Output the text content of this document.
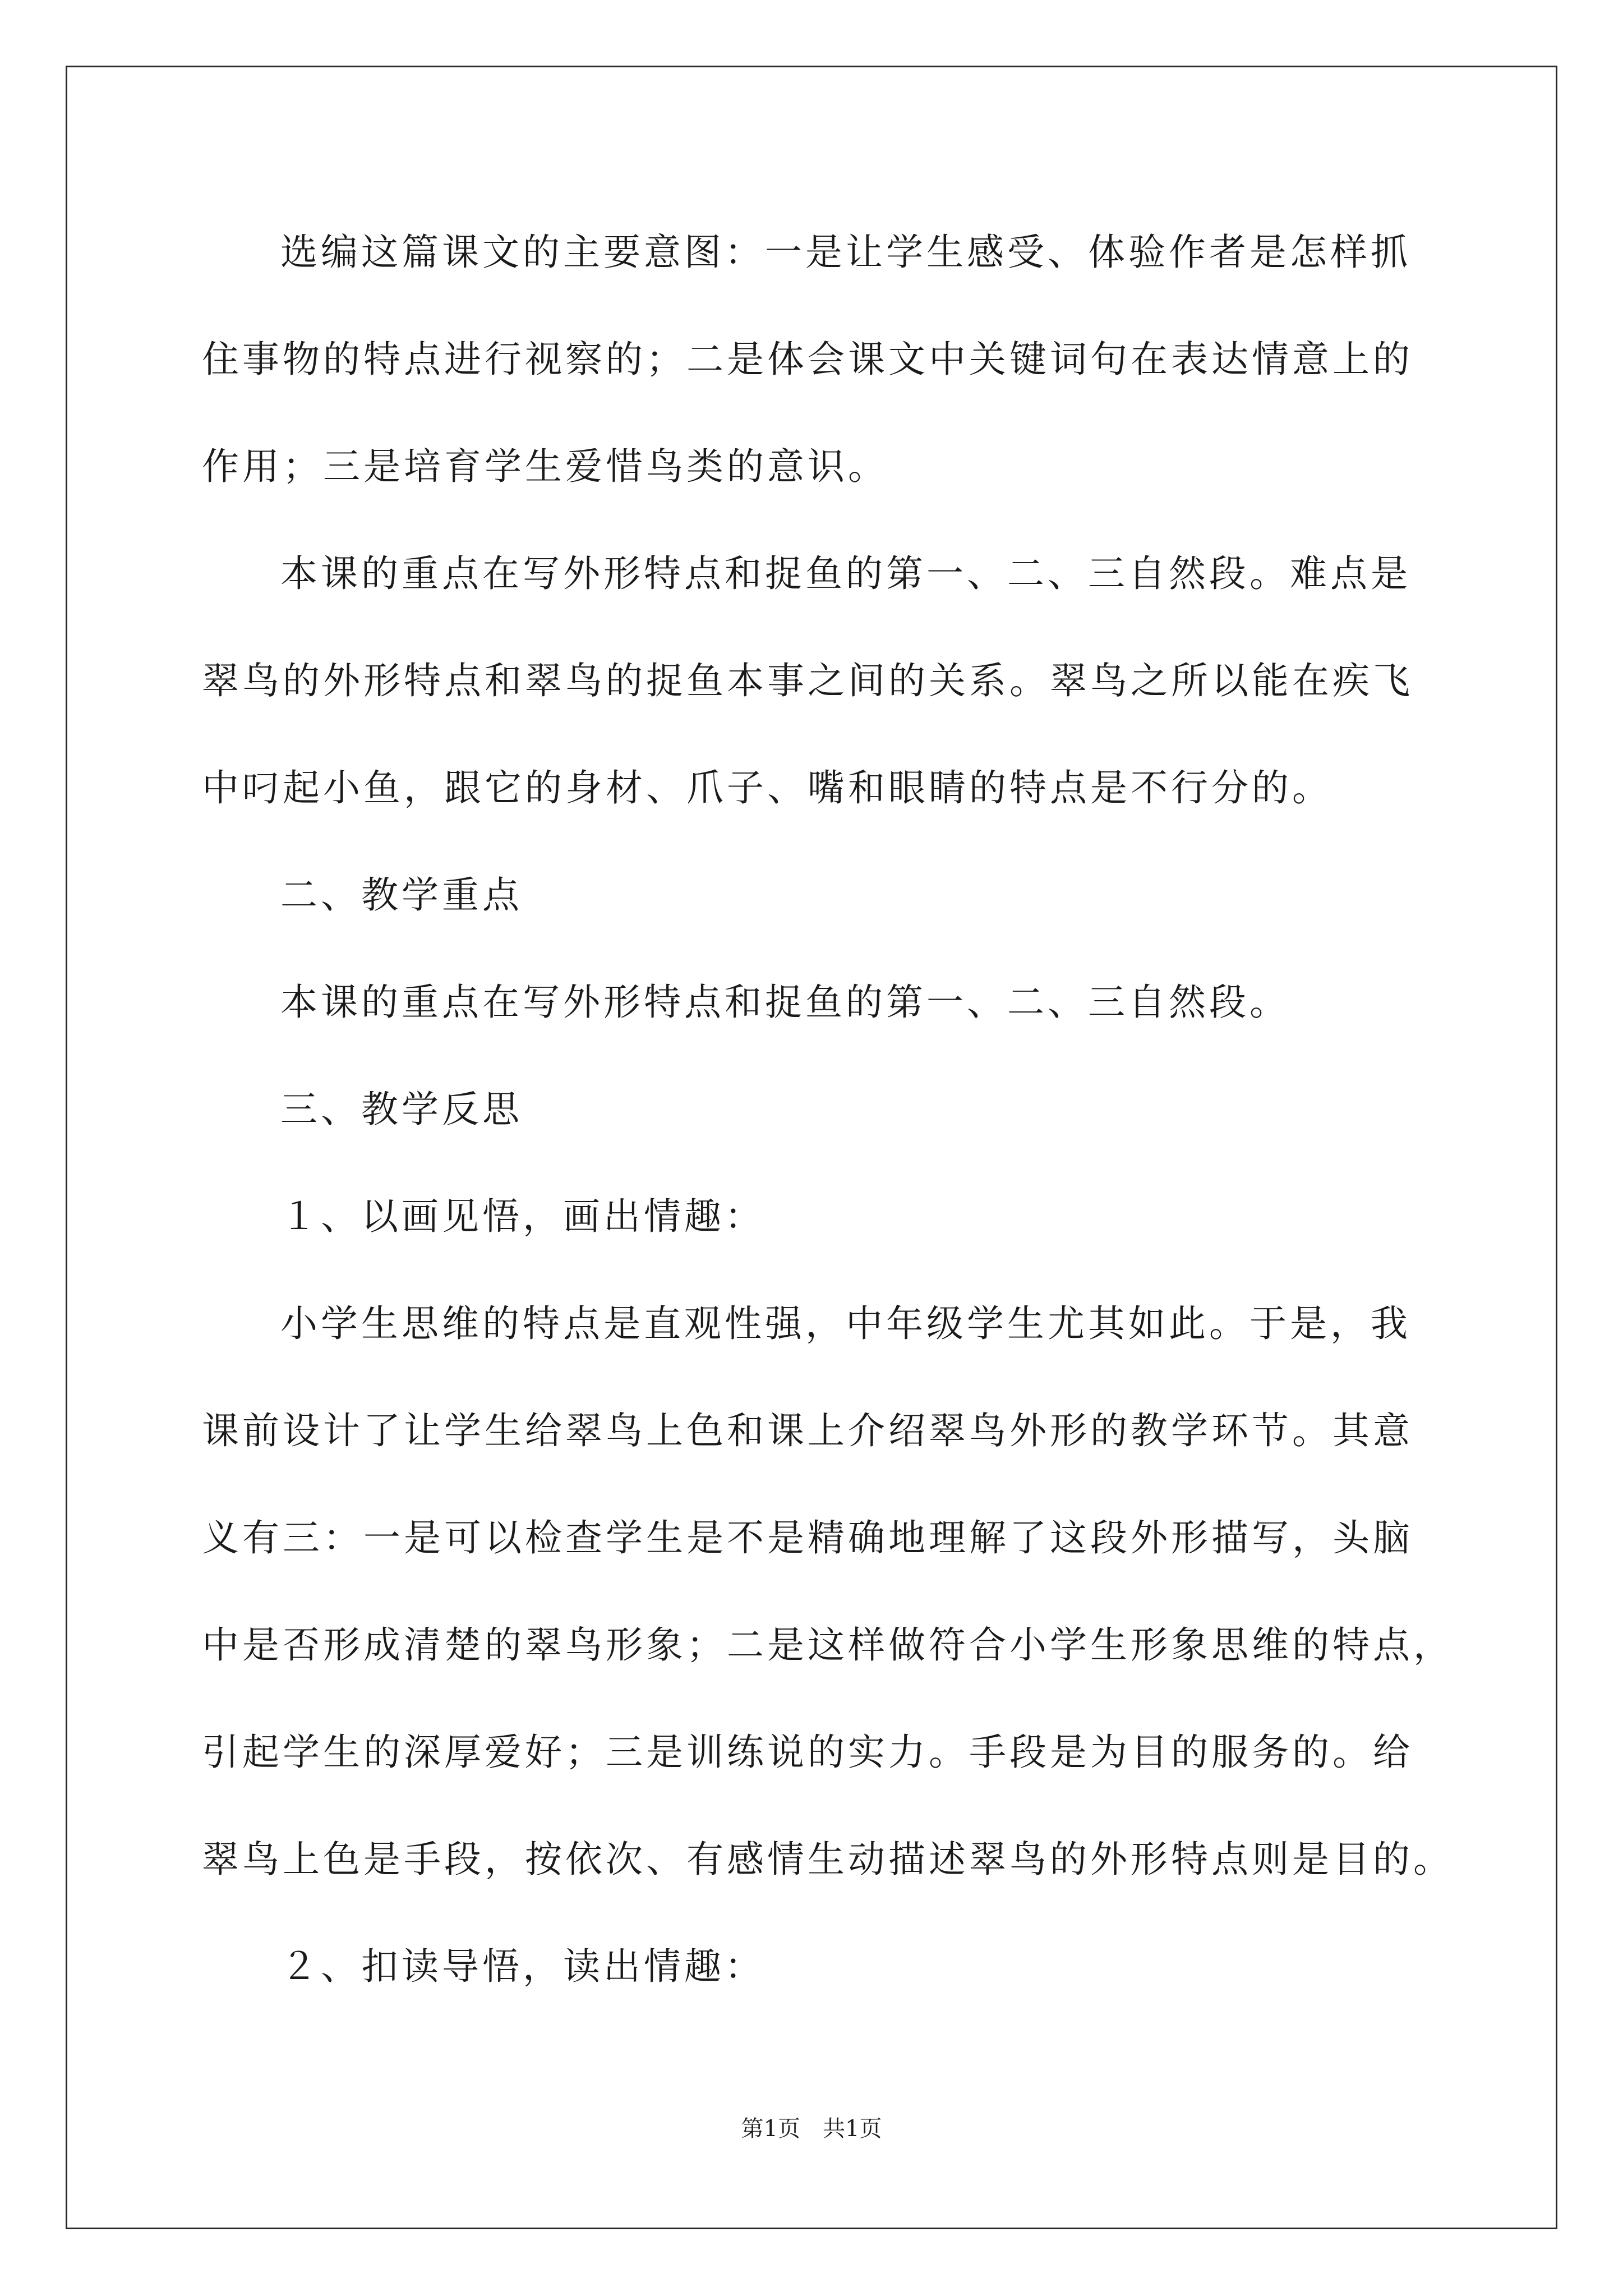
选编这篇课文的主要意图：一是让学生感受、体验作者是怎样抓
住事物的特点进行视察的；二是体会课文中关键词句在表达情意上的
作用；三是培育学生爱惜鸟类的意识。
本课的重点在写外形特点和捉鱼的第一、二、三自然段。难点是
翠鸟的外形特点和翠鸟的捉鱼本事之间的关系。翠鸟之所以能在疾飞
中叼起小鱼，跟它的身材、爪子、嘴和眼睛的特点是不行分的。
二、教学重点
本课的重点在写外形特点和捉鱼的第一、二、三自然段。
三、教学反思
１、以画见悟，画出情趣：
小学生思维的特点是直观性强，中年级学生尤其如此。于是，我
课前设计了让学生给翠鸟上色和课上介绍翠鸟外形的教学环节。其意
义有三：一是可以检查学生是不是精确地理解了这段外形描写，头脑
中是否形成清楚的翠鸟形象；二是这样做符合小学生形象思维的特点，
引起学生的深厚爱好；三是训练说的实力。手段是为目的服务的。给
翠鸟上色是手段，按依次、有感情生动描述翠鸟的外形特点则是目的。
２、扣读导悟，读出情趣：
第1页　共1页
